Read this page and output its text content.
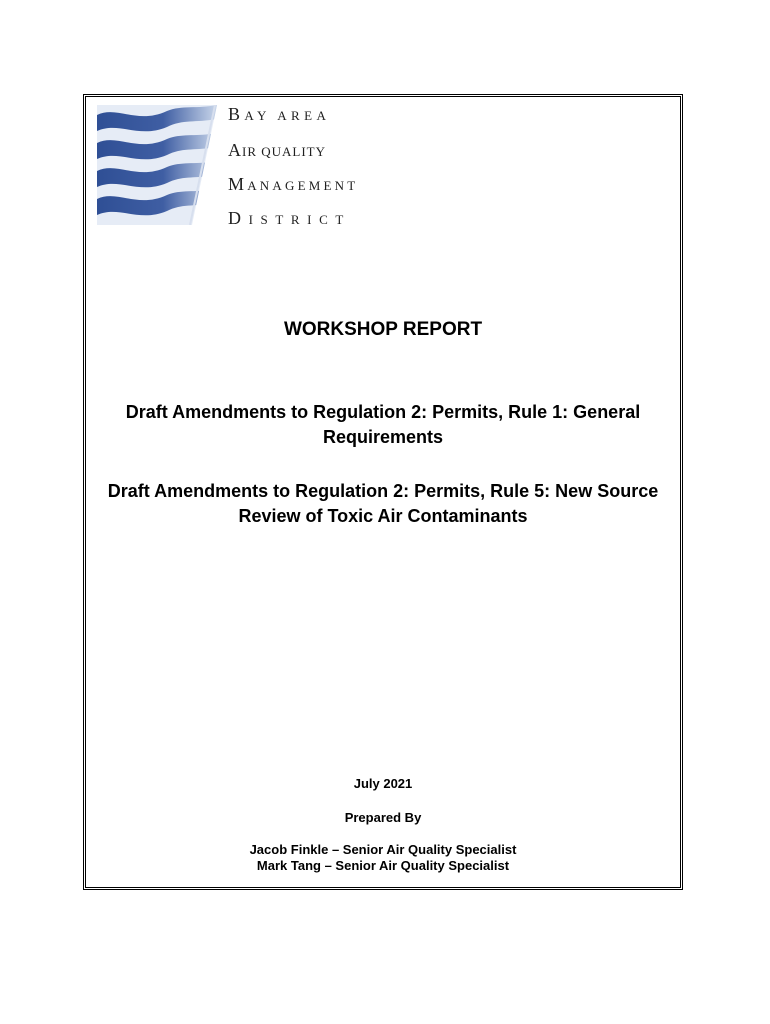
BAY AREA
AIR QUALITY
MANAGEMENT
DISTRICT
WORKSHOP REPORT
Draft Amendments to Regulation 2: Permits, Rule 1: General Requirements
Draft Amendments to Regulation 2: Permits, Rule 5: New Source Review of Toxic Air Contaminants
July 2021
Prepared By
Jacob Finkle – Senior Air Quality Specialist
Mark Tang – Senior Air Quality Specialist
